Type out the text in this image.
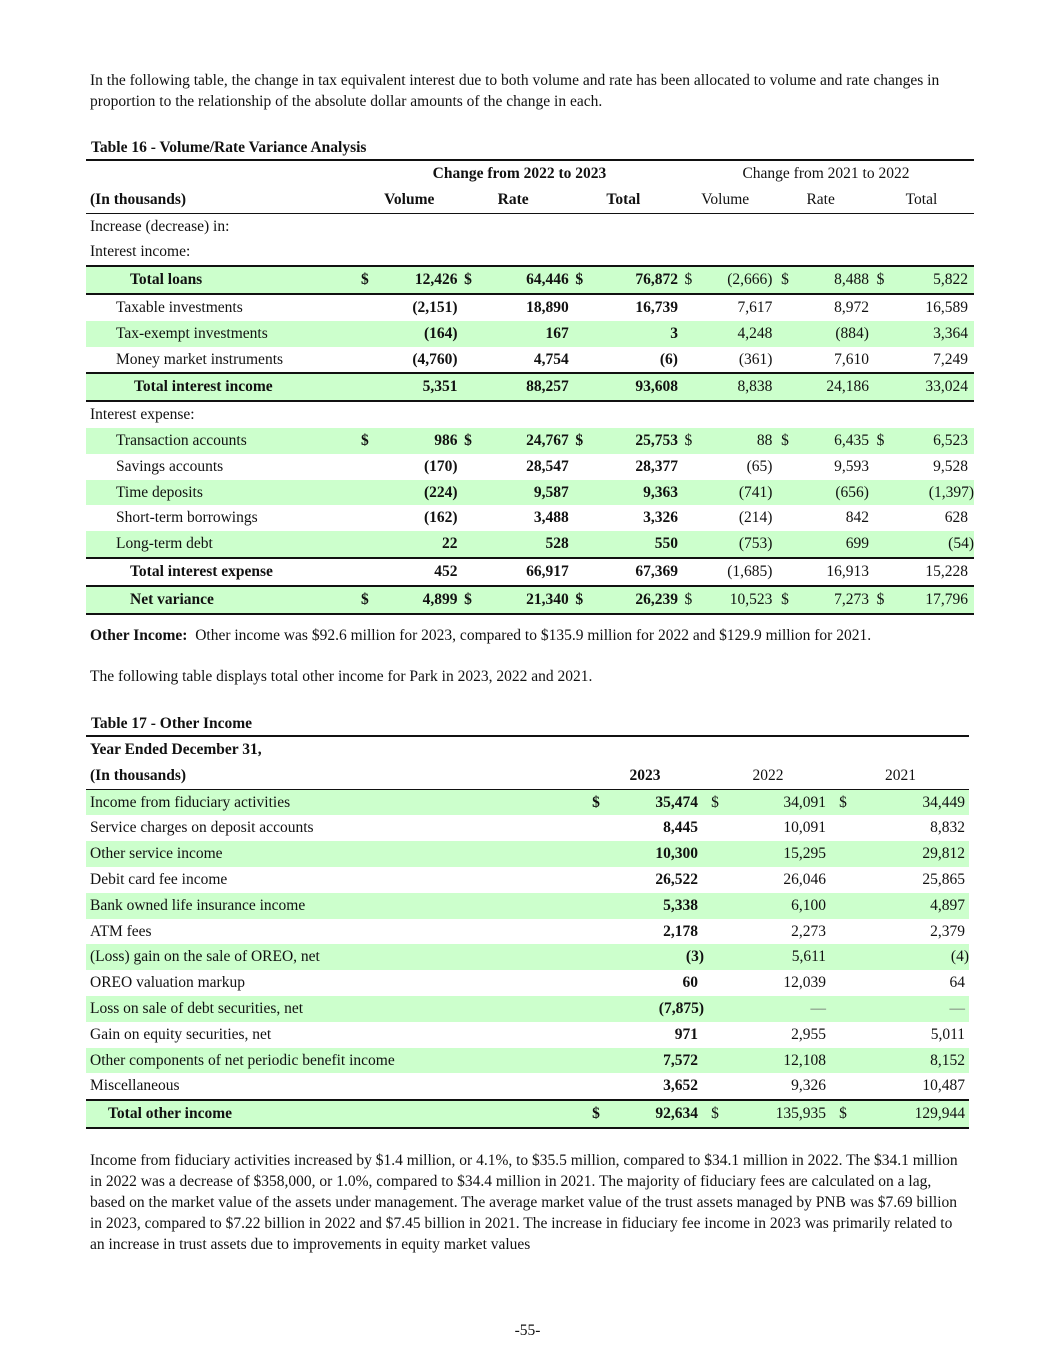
In the following table, the change in tax equivalent interest due to both volume and rate has been allocated to volume and rate changes in proportion to the relationship of the absolute dollar amounts of the change in each.
Table 16 - Volume/Rate Variance Analysis
	Change from 2022 to 2023						Change from 2021 to 2022					
(In thousands)	Volume		Rate		Total		Volume		Rate		Total	
Increase (decrease) in:												
Interest income:												
Total loans	$	12,426	$	64,446	$	76,872	$	(2,666)	$	8,488	$	5,822
Taxable investments		(2,151)		18,890		16,739		7,617		8,972		16,589
Tax-exempt investments		(164)		167		3		4,248		(884)		3,364
Money market instruments		(4,760)		4,754		(6)		(361)		7,610		7,249
Total interest income		5,351		88,257		93,608		8,838		24,186		33,024
Interest expense:												
Transaction accounts	$	986	$	24,767	$	25,753	$	88	$	6,435	$	6,523
Savings accounts		(170)		28,547		28,377		(65)		9,593		9,528
Time deposits		(224)		9,587		9,363		(741)		(656)		(1,397)
Short-term borrowings		(162)		3,488		3,326		(214)		842		628
Long-term debt		22		528		550		(753)		699		(54)
Total interest expense		452		66,917		67,369		(1,685)		16,913		15,228
Net variance	$	4,899	$	21,340	$	26,239	$	10,523	$	7,273	$	17,796
Other Income: Other income was $92.6 million for 2023, compared to $135.9 million for 2022 and $129.9 million for 2021.
The following table displays total other income for Park in 2023, 2022 and 2021.
Table 17 - Other Income
Year Ended December 31,						
(In thousands)	2023		2022		2021	
Income from fiduciary activities	$	35,474	$	34,091	$	34,449
Service charges on deposit accounts		8,445		10,091		8,832
Other service income		10,300		15,295		29,812
Debit card fee income		26,522		26,046		25,865
Bank owned life insurance income		5,338		6,100		4,897
ATM fees		2,178		2,273		2,379
(Loss) gain on the sale of OREO, net		(3)		5,611		(4)
OREO valuation markup		60		12,039		64
Loss on sale of debt securities, net		(7,875)		—		—
Gain on equity securities, net		971		2,955		5,011
Other components of net periodic benefit income		7,572		12,108		8,152
Miscellaneous		3,652		9,326		10,487
Total other income	$	92,634	$	135,935	$	129,944
Income from fiduciary activities increased by $1.4 million, or 4.1%, to $35.5 million, compared to $34.1 million in 2022. The $34.1 million in 2022 was a decrease of $358,000, or 1.0%, compared to $34.4 million in 2021. The majority of fiduciary fees are calculated on a lag, based on the market value of the assets under management. The average market value of the trust assets managed by PNB was $7.69 billion in 2023, compared to $7.22 billion in 2022 and $7.45 billion in 2021. The increase in fiduciary fee income in 2023 was primarily related to an increase in trust assets due to improvements in equity market values
-55-
